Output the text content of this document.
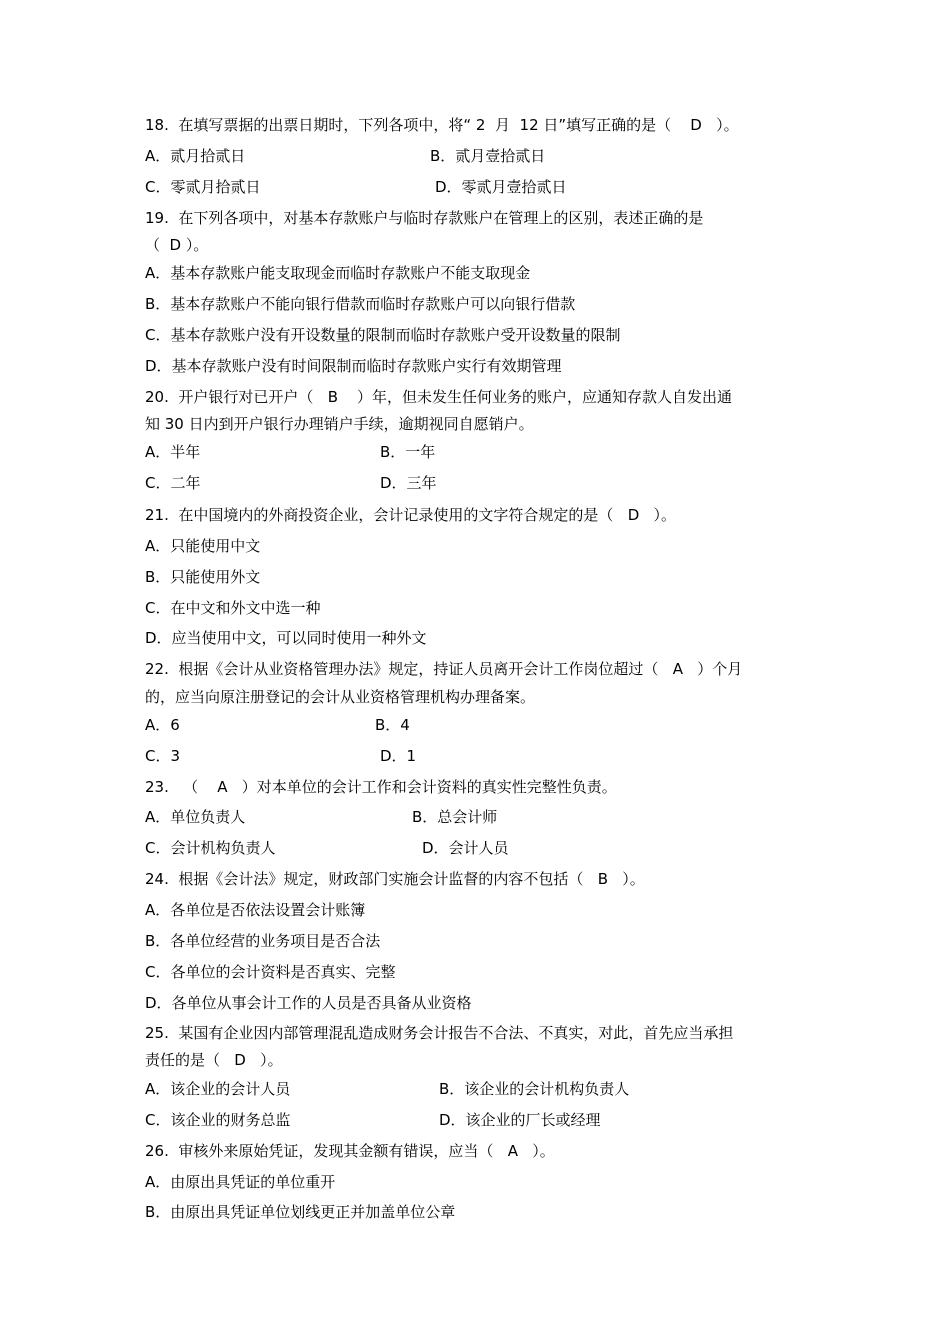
18.  在填写票据的出票日期时，下列各项中，将“ 2  月  12 日”填写正确的是（    D   ）。
A．贰月拾贰日	B．贰月壹拾贰日
C．零贰月拾贰日	D．零贰月壹拾贰日
19.  在下列各项中，对基本存款账户与临时存款账户在管理上的区别，表述正确的是
（  D ）。
A．基本存款账户能支取现金而临时存款账户不能支取现金
B．基本存款账户不能向银行借款而临时存款账户可以向银行借款
C．基本存款账户没有开设数量的限制而临时存款账户受开设数量的限制
D．基本存款账户没有时间限制而临时存款账户实行有效期管理
20.  开户银行对已开户（   B    ）年，但未发生任何业务的账户，应通知存款人自发出通
知 30 日内到开户银行办理销户手续，逾期视同自愿销户。
A．半年	B．一年
C．二年	D．三年
21.  在中国境内的外商投资企业，会计记录使用的文字符合规定的是（   D   ）。
A．只能使用中文
B．只能使用外文
C．在中文和外文中选一种
D．应当使用中文，可以同时使用一种外文
22.  根据《会计从业资格管理办法》规定，持证人员离开会计工作岗位超过（   A   ）个月
的，应当向原注册登记的会计从业资格管理机构办理备案。
A．6	B．4
C．3	D．1
23.   （    A   ）对本单位的会计工作和会计资料的真实性完整性负责。
A．单位负责人	B．总会计师
C．会计机构负责人	D．会计人员
24.  根据《会计法》规定，财政部门实施会计监督的内容不包括（   B   ）。
A．各单位是否依法设置会计账簿
B．各单位经营的业务项目是否合法
C．各单位的会计资料是否真实、完整
D．各单位从事会计工作的人员是否具备从业资格
25.  某国有企业因内部管理混乱造成财务会计报告不合法、不真实，对此，首先应当承担
责任的是（   D   ）。
A．该企业的会计人员	B．该企业的会计机构负责人
C．该企业的财务总监	D．该企业的厂长或经理
26.  审核外来原始凭证，发现其金额有错误，应当（   A   ）。
A．由原出具凭证的单位重开
B．由原出具凭证单位划线更正并加盖单位公章
